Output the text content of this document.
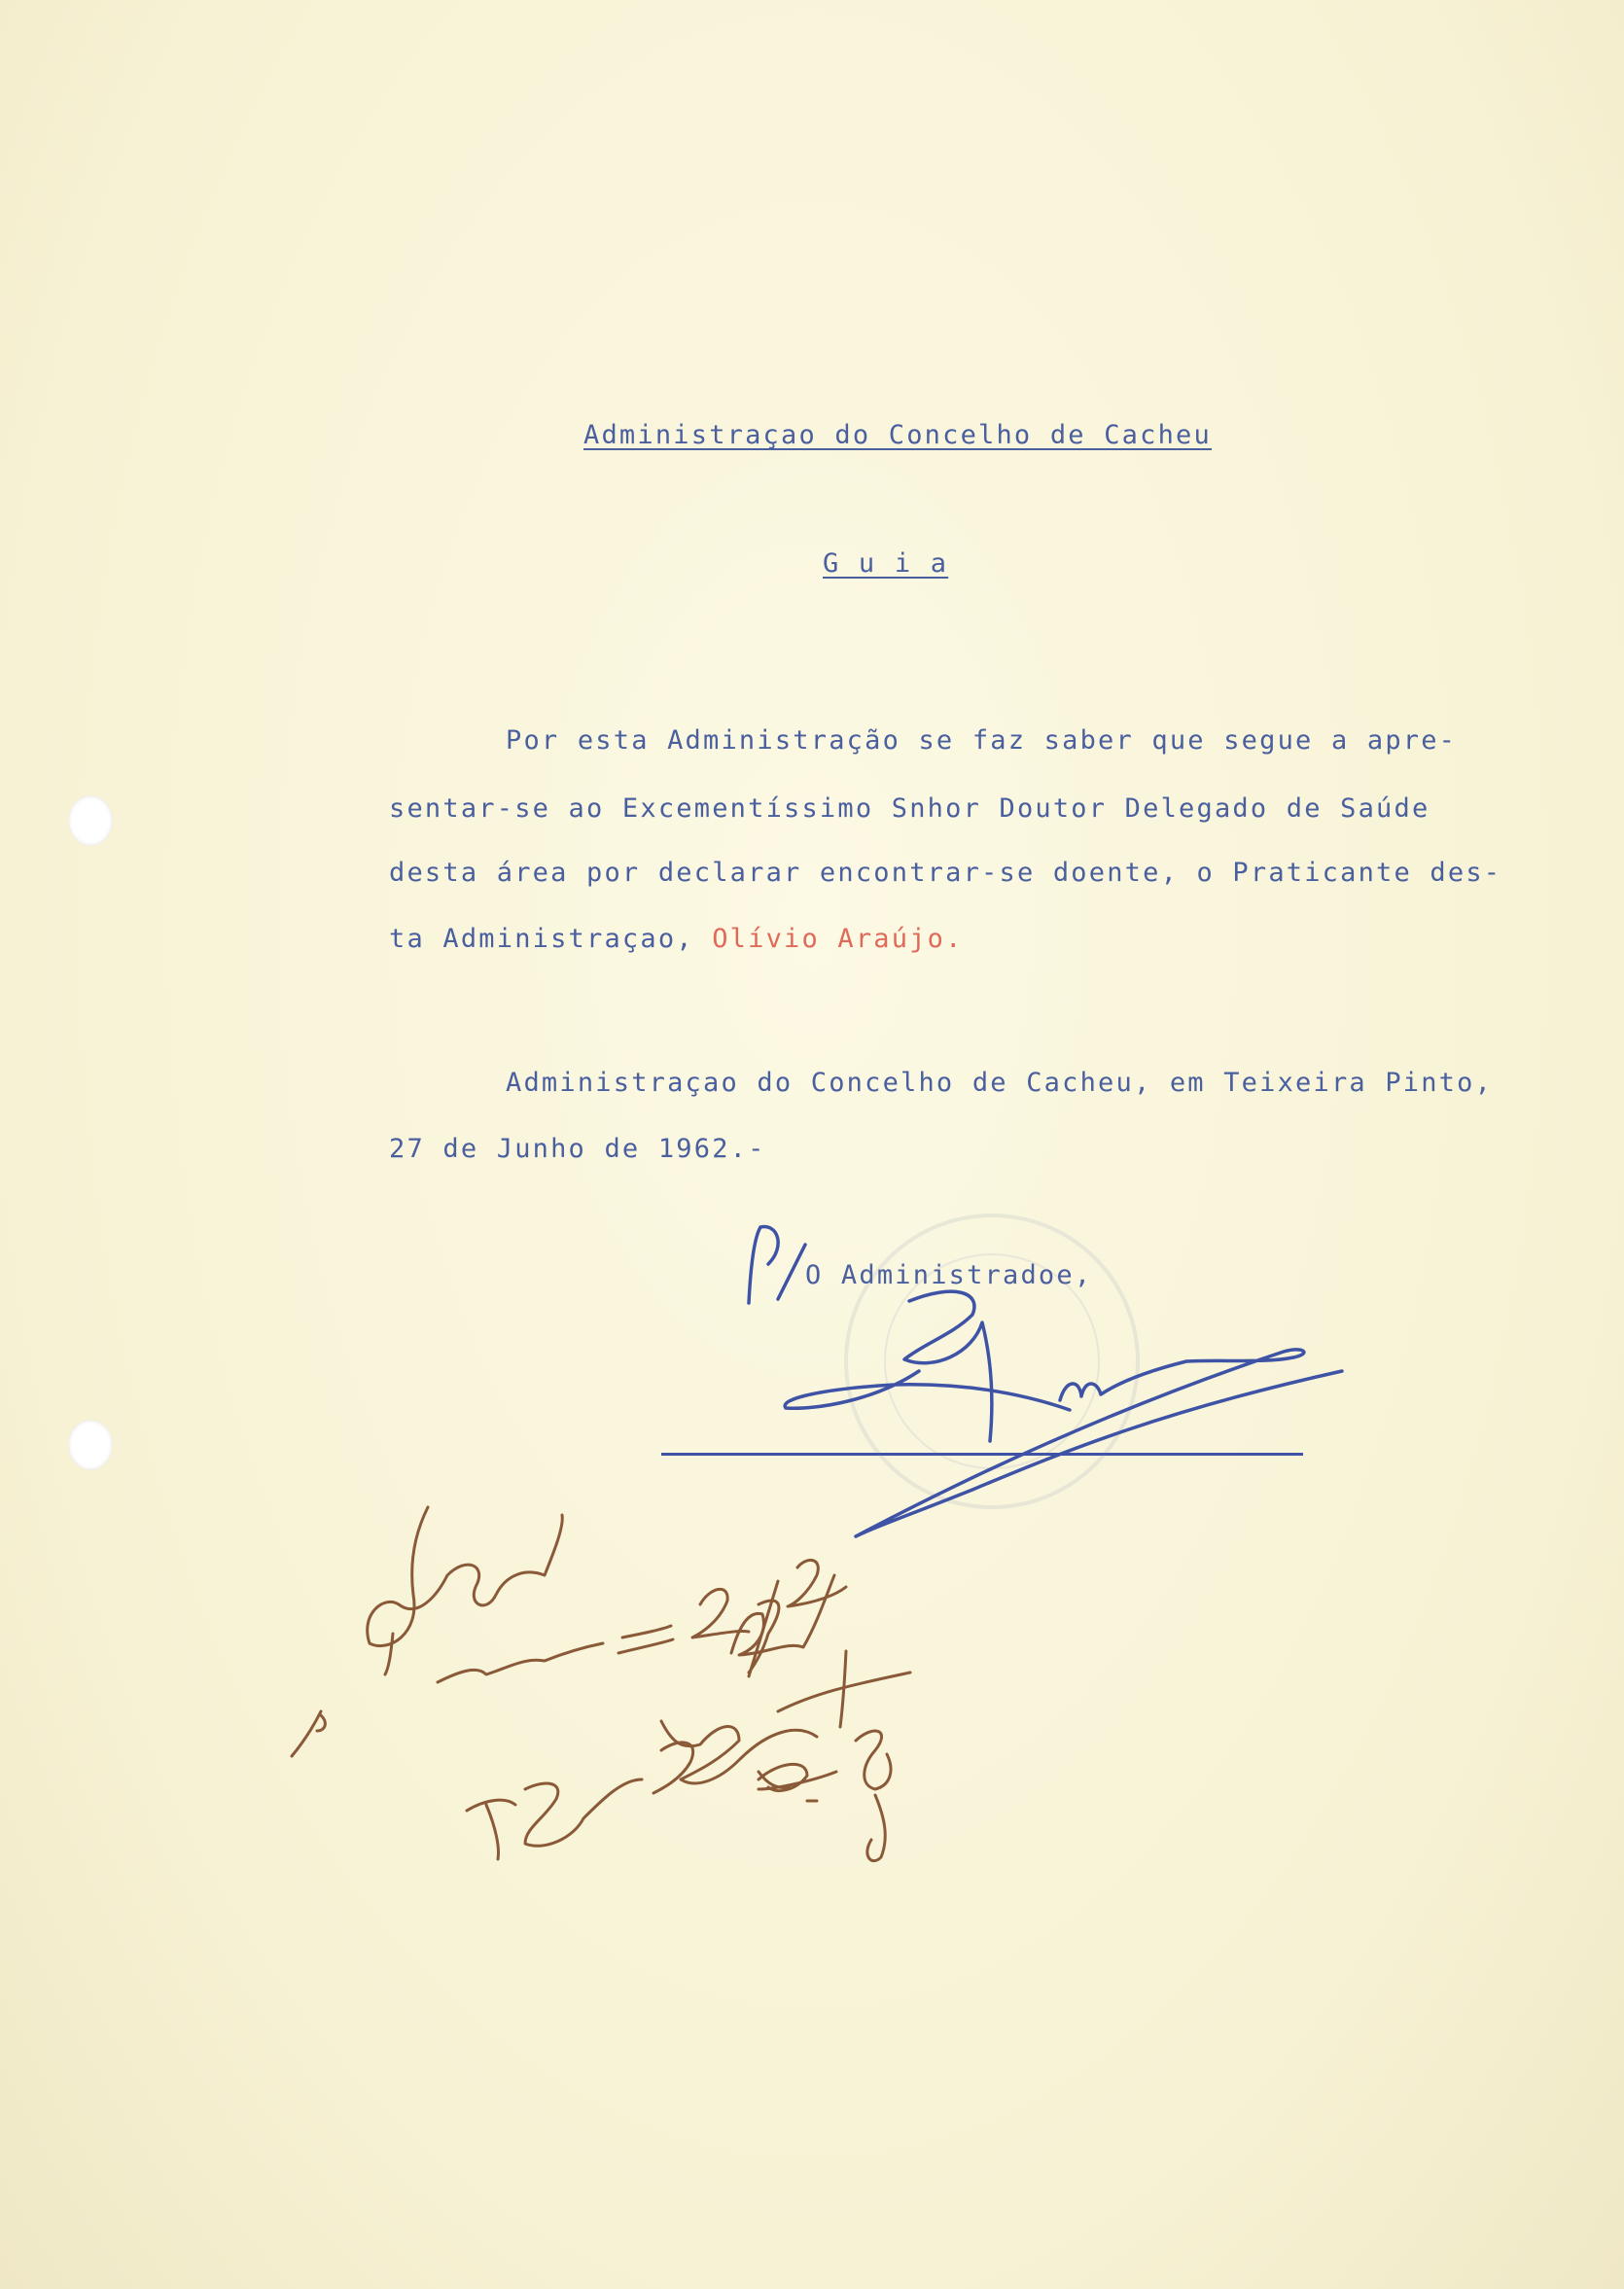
Administraçao do Concelho de Cacheu
G u i a
Por esta Administração se faz saber que segue a apre-
sentar-se ao Excementíssimo Snhor Doutor Delegado de Saúde
desta área por declarar encontrar-se doente, o Praticante des-
ta Administraçao, Olívio Araújo.
Administraçao do Concelho de Cacheu, em Teixeira Pinto,
27 de Junho de 1962.-
O Administradoe,
